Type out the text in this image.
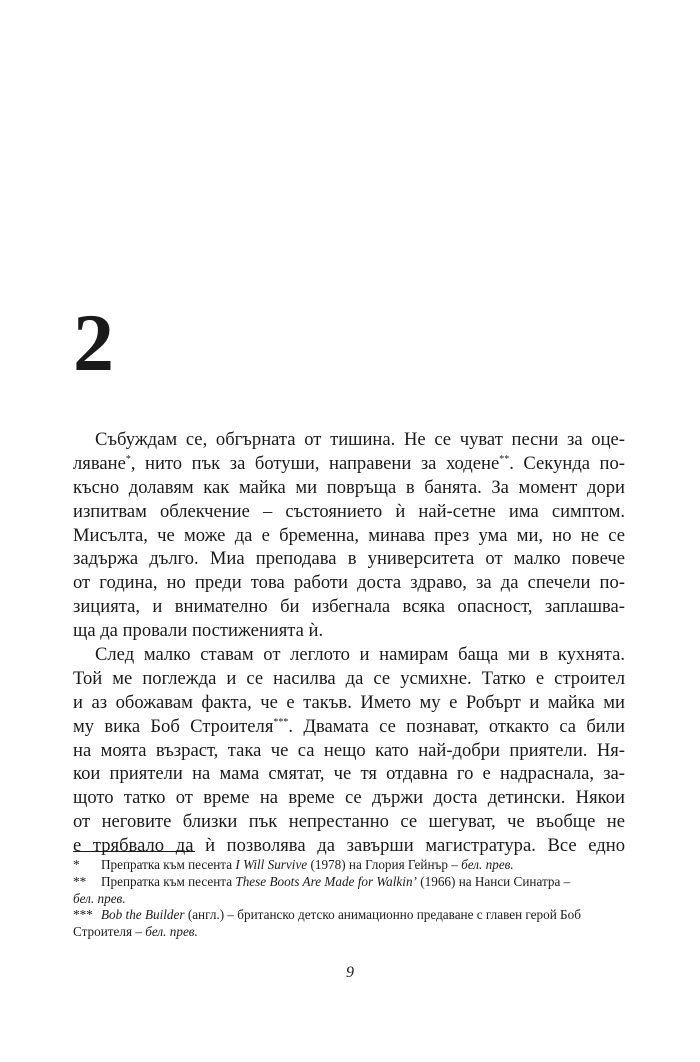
2
Събуждам се, обгърната от тишина. Не се чуват песни за оце-
ляване*, нито пък за ботуши, направени за ходене**. Секунда по-
късно долавям как майка ми повръща в банята. За момент дори
изпитвам облекчение – състоянието ѝ най-сетне има симптом.
Мисълта, че може да е бременна, минава през ума ми, но не се
задържа дълго. Миа преподава в университета от малко повече
от година, но преди това работи доста здраво, за да спечели по-
зицията, и внимателно би избегнала всяка опасност, заплашва-
ща да провали постиженията ѝ.
След малко ставам от леглото и намирам баща ми в кухнята.
Той ме поглежда и се насилва да се усмихне. Татко е строител
и аз обожавам факта, че е такъв. Името му е Робърт и майка ми
му вика Боб Строителя***. Двамата се познават, откакто са били
на моята възраст, така че са нещо като най-добри приятели. Ня-
кои приятели на мама смятат, че тя отдавна го е надраснала, за-
щото татко от време на време се държи доста детински. Някои
от неговите близки пък непрестанно се шегуват, че въобще не
е трябвало да ѝ позволява да завърши магистратура. Все едно
*	Препратка към песента I Will Survive (1978) на Глория Гейнър – бел. прев.
**	Препратка към песента These Boots Are Made for Walkin’ (1966) на Нанси Синатра –
бел. прев.
*** Bob the Builder (англ.) – британско детско анимационно предаване с главен герой Боб
Строителя – бел. прев.
9
